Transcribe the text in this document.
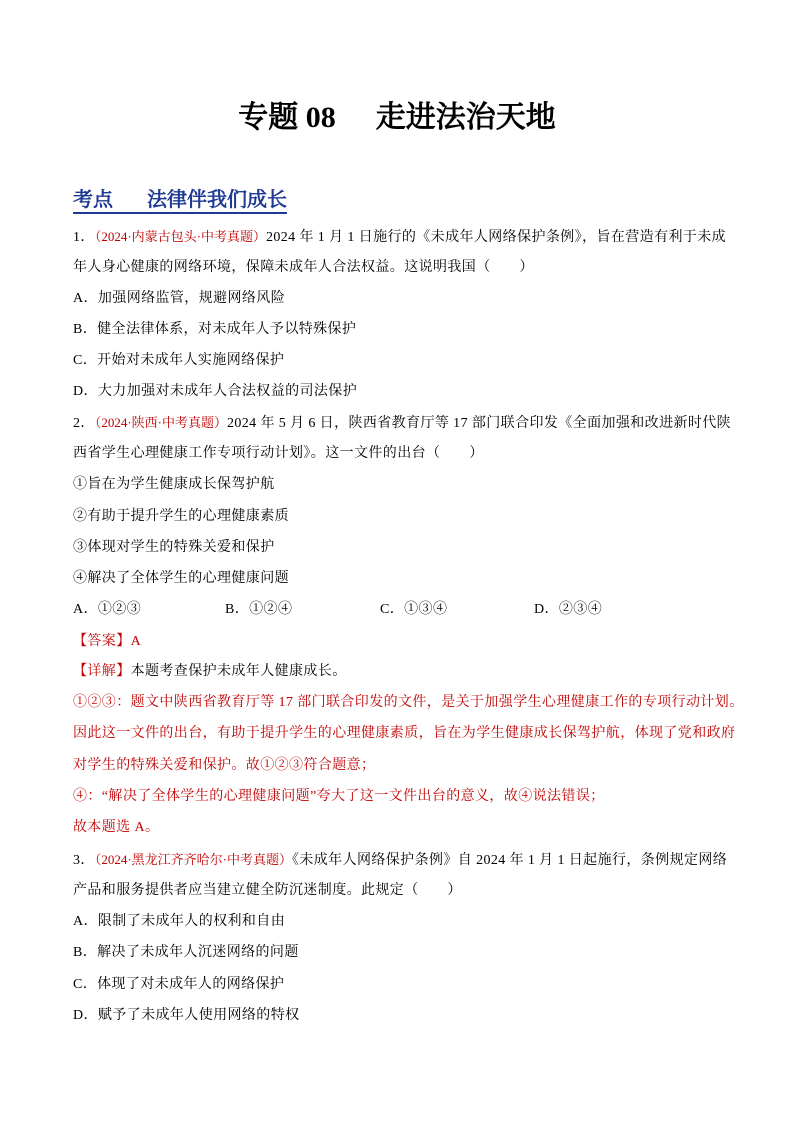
专题 08 走进法治天地
考点 法律伴我们成长
1．（2024·内蒙古包头·中考真题）2024 年 1 月 1 日施行的《未成年人网络保护条例》，旨在营造有利于未成
年人身心健康的网络环境，保障未成年人合法权益。这说明我国（　　）
A．加强网络监管，规避网络风险
B．健全法律体系，对未成年人予以特殊保护
C．开始对未成年人实施网络保护
D．大力加强对未成年人合法权益的司法保护
2．（2024·陕西·中考真题）2024 年 5 月 6 日，陕西省教育厅等 17 部门联合印发《全面加强和改进新时代陕
西省学生心理健康工作专项行动计划》。这一文件的出台（　　）
①旨在为学生健康成长保驾护航
②有助于提升学生的心理健康素质
③体现对学生的特殊关爱和保护
④解决了全体学生的心理健康问题
A．①②③	B．①②④	C．①③④	D．②③④
【答案】A
【详解】本题考查保护未成年人健康成长。
①②③：题文中陕西省教育厅等 17 部门联合印发的文件，是关于加强学生心理健康工作的专项行动计划。
因此这一文件的出台，有助于提升学生的心理健康素质，旨在为学生健康成长保驾护航，体现了党和政府
对学生的特殊关爱和保护。故①②③符合题意；
④：“解决了全体学生的心理健康问题”夸大了这一文件出台的意义，故④说法错误；
故本题选 A。
3．（2024·黑龙江齐齐哈尔·中考真题）《未成年人网络保护条例》自 2024 年 1 月 1 日起施行，条例规定网络
产品和服务提供者应当建立健全防沉迷制度。此规定（　　）
A．限制了未成年人的权利和自由
B．解决了未成年人沉迷网络的问题
C．体现了对未成年人的网络保护
D．赋予了未成年人使用网络的特权
